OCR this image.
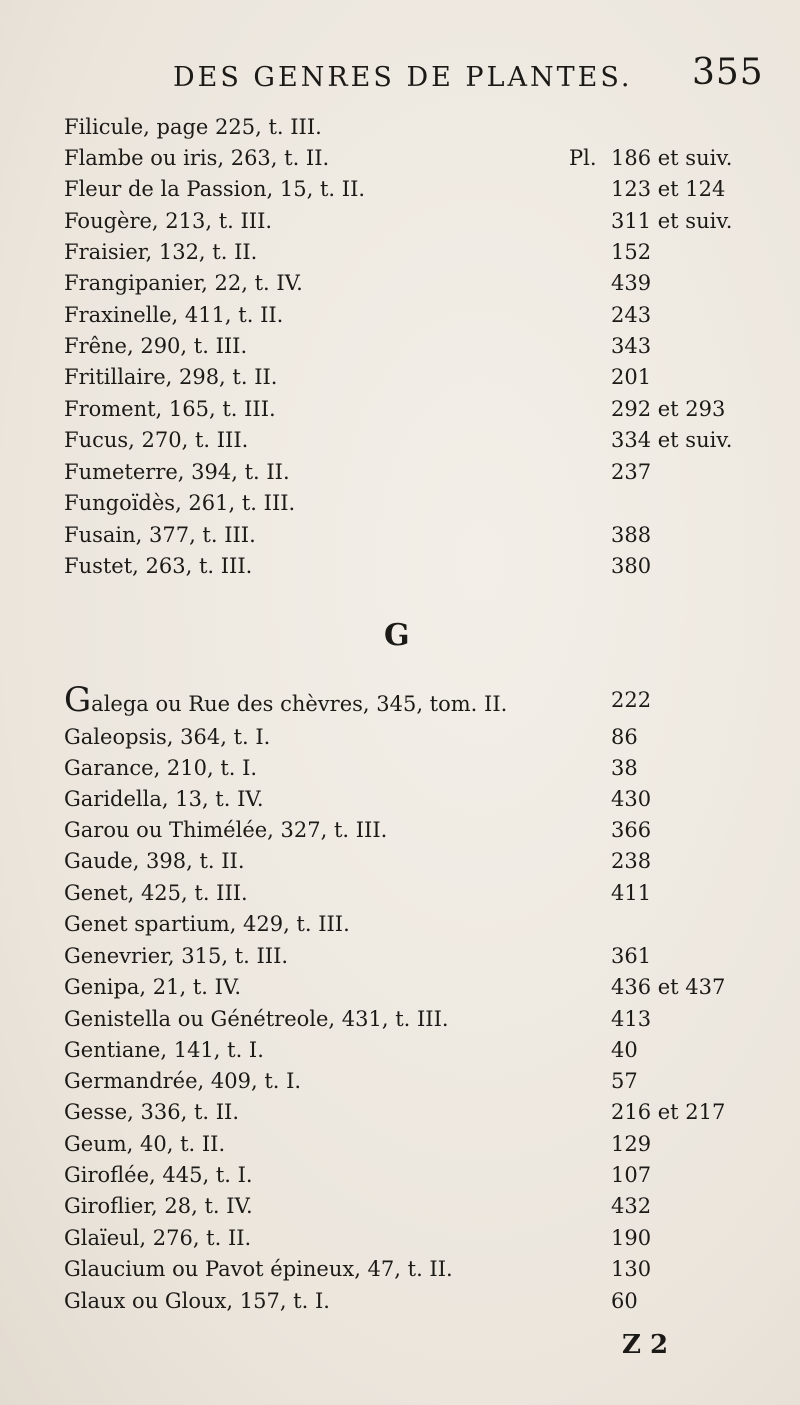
DES GENRES DE PLANTES. 355
Filicule, page 225, t. III.
Flambe ou iris, 263, t. II.	Pl. 186 et suiv.
Fleur de la Passion, 15, t. II.	123 et 124
Fougère, 213, t. III.	311 et suiv.
Fraisier, 132, t. II.	152
Frangipanier, 22, t. IV.	439
Fraxinelle, 411, t. II.	243
Frêne, 290, t. III.	343
Fritillaire, 298, t. II.	201
Froment, 165, t. III.	292 et 293
Fucus, 270, t. III.	334 et suiv.
Fumeterre, 394, t. II.	237
Fungoïdès, 261, t. III.
Fusain, 377, t. III.	388
Fustet, 263, t. III.	380
G
Galega ou Rue des chèvres, 345, tom. II.	222
Galeopsis, 364, t. I.	86
Garance, 210, t. I.	38
Garidella, 13, t. IV.	430
Garou ou Thimélée, 327, t. III.	366
Gaude, 398, t. II.	238
Genet, 425, t. III.	411
Genet spartium, 429, t. III.
Genevrier, 315, t. III.	361
Genipa, 21, t. IV.	436 et 437
Genistella ou Génétreole, 431, t. III.	413
Gentiane, 141, t. I.	40
Germandrée, 409, t. I.	57
Gesse, 336, t. II.	216 et 217
Geum, 40, t. II.	129
Giroflée, 445, t. I.	107
Giroflier, 28, t. IV.	432
Glaïeul, 276, t. II.	190
Glaucium ou Pavot épineux, 47, t. II.	130
Glaux ou Gloux, 157, t. I.	60
Z 2
